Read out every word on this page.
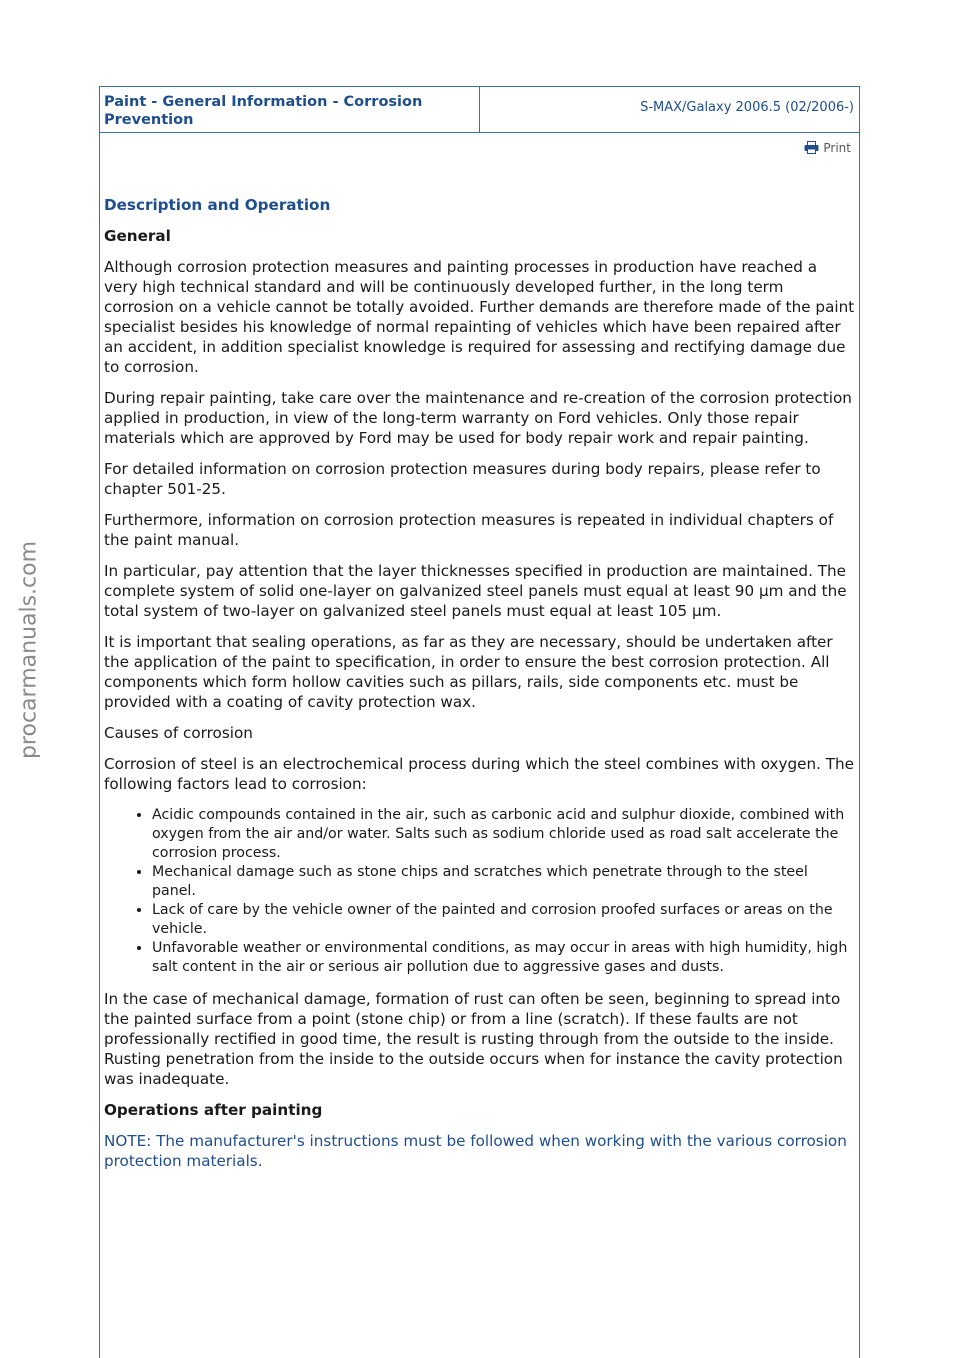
procarmanuals.com
Paint - General Information - Corrosion Prevention
S-MAX/Galaxy 2006.5 (02/2006-)
Print

Description and Operation

General

Although corrosion protection measures and painting processes in production have reached a very high technical standard and will be continuously developed further, in the long term corrosion on a vehicle cannot be totally avoided. Further demands are therefore made of the paint specialist besides his knowledge of normal repainting of vehicles which have been repaired after an accident, in addition specialist knowledge is required for assessing and rectifying damage due to corrosion.

During repair painting, take care over the maintenance and re-creation of the corrosion protection applied in production, in view of the long-term warranty on Ford vehicles. Only those repair materials which are approved by Ford may be used for body repair work and repair painting.

For detailed information on corrosion protection measures during body repairs, please refer to chapter 501-25.

Furthermore, information on corrosion protection measures is repeated in individual chapters of the paint manual.

In particular, pay attention that the layer thicknesses specified in production are maintained. The complete system of solid one-layer on galvanized steel panels must equal at least 90 µm and the total system of two-layer on galvanized steel panels must equal at least 105 µm.

It is important that sealing operations, as far as they are necessary, should be undertaken after the application of the paint to specification, in order to ensure the best corrosion protection. All components which form hollow cavities such as pillars, rails, side components etc. must be provided with a coating of cavity protection wax.

Causes of corrosion

Corrosion of steel is an electrochemical process during which the steel combines with oxygen. The following factors lead to corrosion:

• Acidic compounds contained in the air, such as carbonic acid and sulphur dioxide, combined with oxygen from the air and/or water. Salts such as sodium chloride used as road salt accelerate the corrosion process.
• Mechanical damage such as stone chips and scratches which penetrate through to the steel panel.
• Lack of care by the vehicle owner of the painted and corrosion proofed surfaces or areas on the vehicle.
• Unfavorable weather or environmental conditions, as may occur in areas with high humidity, high salt content in the air or serious air pollution due to aggressive gases and dusts.

In the case of mechanical damage, formation of rust can often be seen, beginning to spread into the painted surface from a point (stone chip) or from a line (scratch). If these faults are not professionally rectified in good time, the result is rusting through from the outside to the inside. Rusting penetration from the inside to the outside occurs when for instance the cavity protection was inadequate.

Operations after painting

NOTE: The manufacturer's instructions must be followed when working with the various corrosion protection materials.
